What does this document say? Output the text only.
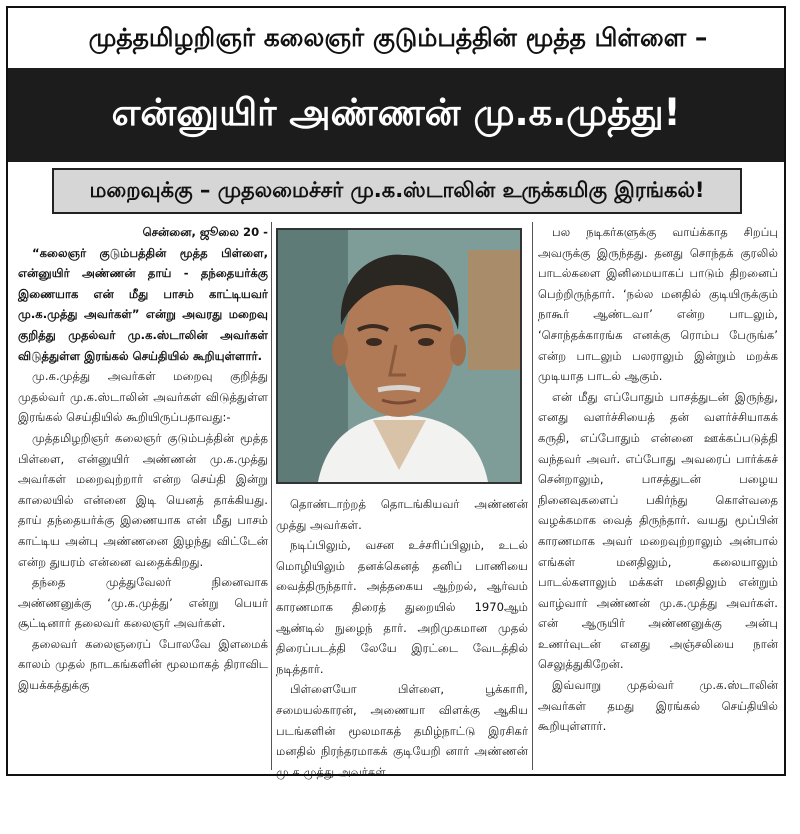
முத்தமிழறிஞர் கலைஞர் குடும்பத்தின் மூத்த பிள்ளை –
என்னுயிர் அண்ணன் மு.க.முத்து!
மறைவுக்கு – முதலமைச்சர் மு.க.ஸ்டாலின் உருக்கமிகு இரங்கல்!

சென்னை, ஜூலை 20 -

“கலைஞர் குடும்பத்தின் மூத்த பிள்ளை, என்னுயிர் அண்ணன் தாய் - தந்தையர்க்கு இணையாக என் மீது பாசம் காட்டியவர் மு.க.முத்து அவர்கள்” என்று அவரது மறைவு குறித்து முதல்வர் மு.க.ஸ்டாலின் அவர்கள் விடுத்துள்ள இரங்கல் செய்தியில் கூறியுள்ளார்.

மு.க.முத்து அவர்கள் மறைவு குறித்து முதல்வர் மு.க.ஸ்டாலின் அவர்கள் விடுத்துள்ள இரங்கல் செய்தியில் கூறியிருப்பதாவது:-

முத்தமிழறிஞர் கலைஞர் குடும்பத்தின் மூத்த பிள்ளை, என்னுயிர் அண்ணன் மு.க.முத்து அவர்கள் மறைவுற்றார் என்ற செய்தி இன்று காலையில் என்னை இடி யெனத் தாக்கியது. தாய் தந்தையர்க்கு இணையாக என் மீது பாசம் காட்டிய அன்பு அண்ணனை இழந்து விட்டேன் என்ற துயரம் என்னை வதைக்கிறது.

தந்தை முத்துவேலர் நினைவாக அண்ணனுக்கு ‘மு.க.முத்து’ என்று பெயர் சூட்டினார் தலைவர் கலைஞர் அவர்கள்.

தலைவர் கலைஞரைப் போலவே இளமைக் காலம் முதல் நாடகங்களின் மூலமாகத் திராவிட இயக்கத்துக்கு

தொண்டாற்றத் தொடங்கியவர் அண்ணன் முத்து அவர்கள்.

நடிப்பிலும், வசன உச்சரிப்பிலும், உடல் மொழியிலும் தனக்கெனத் தனிப் பாணியை வைத்திருந்தார். அத்தகைய ஆற்றல், ஆர்வம் காரணமாக திரைத் துறையில் 1970ஆம் ஆண்டில் நுழைந் தார். அறிமுகமான முதல் திரைப்படத்தி லேயே இரட்டை வேடத்தில் நடித்தார்.

பிள்ளையோ பிள்ளை, பூக்காரி, சமையல்காரன், அணையா விளக்கு ஆகிய படங்களின் மூலமாகத் தமிழ்நாட்டு இரசிகர் மனதில் நிரந்தரமாகக் குடியேறி னார் அண்ணன் மு.க.முத்து அவர்கள்.

பல நடிகர்களுக்கு வாய்க்காத சிறப்பு அவருக்கு இருந்தது. தனது சொந்தக் குரலில் பாடல்களை இனிமையாகப் பாடும் திறனைப் பெற்றிருந்தார். ‘நல்ல மனதில் குடியிருக்கும் நாகூர் ஆண்டவா’ என்ற பாடலும், ‘சொந்தக்காரங்க எனக்கு ரொம்ப பேருங்க’ என்ற பாடலும் பலராலும் இன்றும் மறக்க முடியாத பாடல் ஆகும்.

என் மீது எப்போதும் பாசத்துடன் இருந்து, எனது வளர்ச்சியைத் தன் வளர்ச்சியாகக் கருதி, எப்போதும் என்னை ஊக்கப்படுத்தி வந்தவர் அவர். எப்போது அவரைப் பார்க்கச் சென்றாலும், பாசத்துடன் பழைய நினைவுகளைப் பகிர்ந்து கொள்வதை வழக்கமாக வைத் திருந்தார். வயது மூப்பின் காரணமாக அவர் மறைவுற்றாலும் அன்பால் எங்கள் மனதிலும், கலையாலும் பாடல்களாலும் மக்கள் மனதிலும் என்றும் வாழ்வார் அண்ணன் மு.க.முத்து அவர்கள். என் ஆருயிர் அண்ணனுக்கு அன்பு உணர்வுடன் எனது அஞ்சலியை நான் செலுத்துகிறேன்.

இவ்வாறு முதல்வர் மு.க.ஸ்டாலின் அவர்கள் தமது இரங்கல் செய்தியில் கூறியுள்ளார்.
